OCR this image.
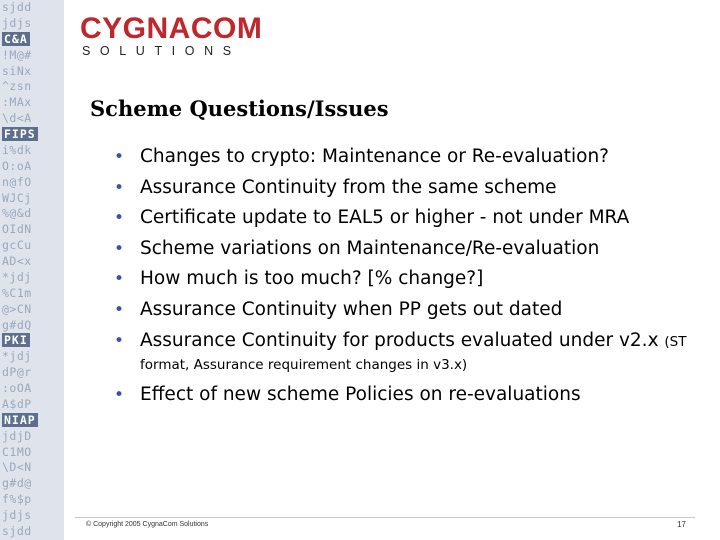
sjdd
jdjs
C&A
!M@#
siNx
^zsn
:MAx
\d<A
FIPS
i%dk
O:oA
n@fO
WJCj
%@&d
OIdN
gcCu
AD<x
*jdj
%C1m
@>CN
g#dQ
PKI
*jdj
dP@r
:oOA
A$dP
NIAP
jdjD
C1MO
\D<N
g#d@
f%$p
jdjs
sjdd
CYGNACOM
SOLUTIONS
Scheme Questions/Issues
• Changes to crypto: Maintenance or Re-evaluation?
• Assurance Continuity from the same scheme
• Certificate update to EAL5 or higher - not under MRA
• Scheme variations on Maintenance/Re-evaluation
• How much is too much? [% change?]
• Assurance Continuity when PP gets out dated
• Assurance Continuity for products evaluated under v2.x (ST format, Assurance requirement changes in v3.x)
• Effect of new scheme Policies on re-evaluations
© Copyright 2005 CygnaCom Solutions	17
